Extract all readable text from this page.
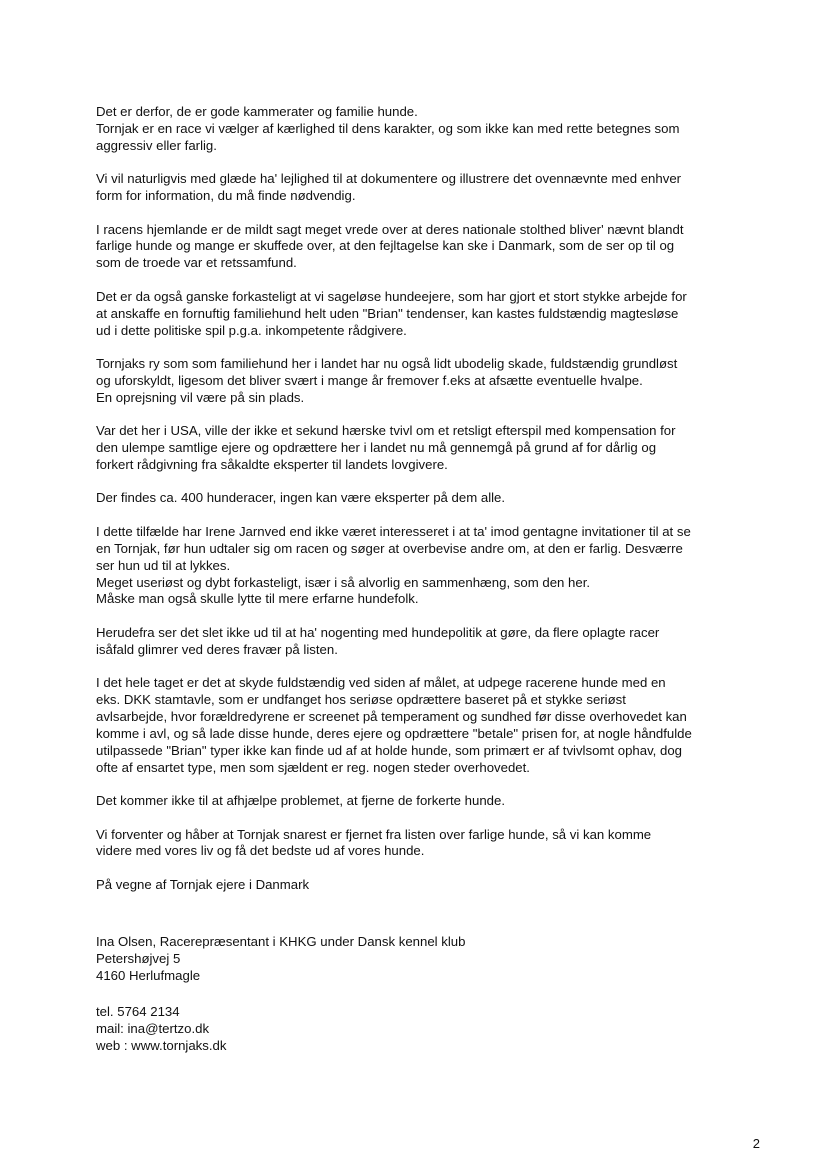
Det er derfor, de er gode kammerater og familie hunde.
Tornjak er en race vi vælger af kærlighed til dens karakter, og som ikke kan med rette betegnes som
aggressiv eller farlig.

Vi vil naturligvis med glæde ha' lejlighed til at dokumentere og illustrere det ovennævnte med enhver
form for information, du må finde nødvendig.

I racens hjemlande er de mildt sagt meget vrede over at deres nationale stolthed bliver' nævnt blandt
farlige hunde og mange er skuffede over, at den fejltagelse kan ske i Danmark, som de ser op til og
som de troede var et retssamfund.

Det er da også ganske forkasteligt at vi sageløse hundeejere, som har gjort et stort stykke arbejde for
at anskaffe en fornuftig familiehund helt uden "Brian" tendenser, kan kastes fuldstændig magtesløse
ud i dette politiske spil p.g.a. inkompetente rådgivere.

Tornjaks ry som som familiehund her i landet har nu også lidt ubodelig skade, fuldstændig grundløst
og uforskyldt, ligesom det bliver svært i mange år fremover f.eks at afsætte eventuelle hvalpe.
En oprejsning vil være på sin plads.

Var det her i USA, ville der ikke et sekund hærske tvivl om et retsligt efterspil med kompensation for
den ulempe samtlige ejere og opdrættere her i landet nu må gennemgå på grund af for dårlig og
forkert rådgivning fra såkaldte eksperter til landets lovgivere.

Der findes ca. 400 hunderacer, ingen kan være eksperter på dem alle.

I dette tilfælde har Irene Jarnved end ikke været interesseret i at ta' imod gentagne invitationer til at se
en Tornjak, før hun udtaler sig om racen og søger at overbevise andre om, at den er farlig. Desværre
ser hun ud til at lykkes.
Meget useriøst og dybt forkasteligt, især i så alvorlig en sammenhæng, som den her.
Måske man også skulle lytte til mere erfarne hundefolk.

Herudefra ser det slet ikke ud til at ha' nogenting med hundepolitik at gøre, da flere oplagte racer
isåfald glimrer ved deres fravær på listen.

I det hele taget er det at skyde fuldstændig ved siden af målet, at udpege racerene hunde med en
eks. DKK stamtavle, som er undfanget hos seriøse opdrættere baseret på et stykke seriøst
avlsarbejde, hvor forældredyrene er screenet på temperament og sundhed før disse overhovedet kan
komme i avl, og så lade disse hunde, deres ejere og opdrættere "betale" prisen for, at nogle håndfulde
utilpassede "Brian" typer ikke kan finde ud af at holde hunde, som primært er af tvivlsomt ophav, dog
ofte af ensartet type, men som sjældent er reg. nogen steder overhovedet.

Det kommer ikke til at afhjælpe problemet, at fjerne de forkerte hunde.

Vi forventer og håber at Tornjak snarest er fjernet fra listen over farlige hunde, så vi kan komme
videre med vores liv og få det bedste ud af vores hunde.

På vegne af Tornjak ejere i Danmark

Ina Olsen, Racerepræsentant i KHKG under Dansk kennel klub
Petershøjvej 5
4160 Herlufmagle

tel. 5764 2134
mail: ina@tertzo.dk
web : www.tornjaks.dk

2
